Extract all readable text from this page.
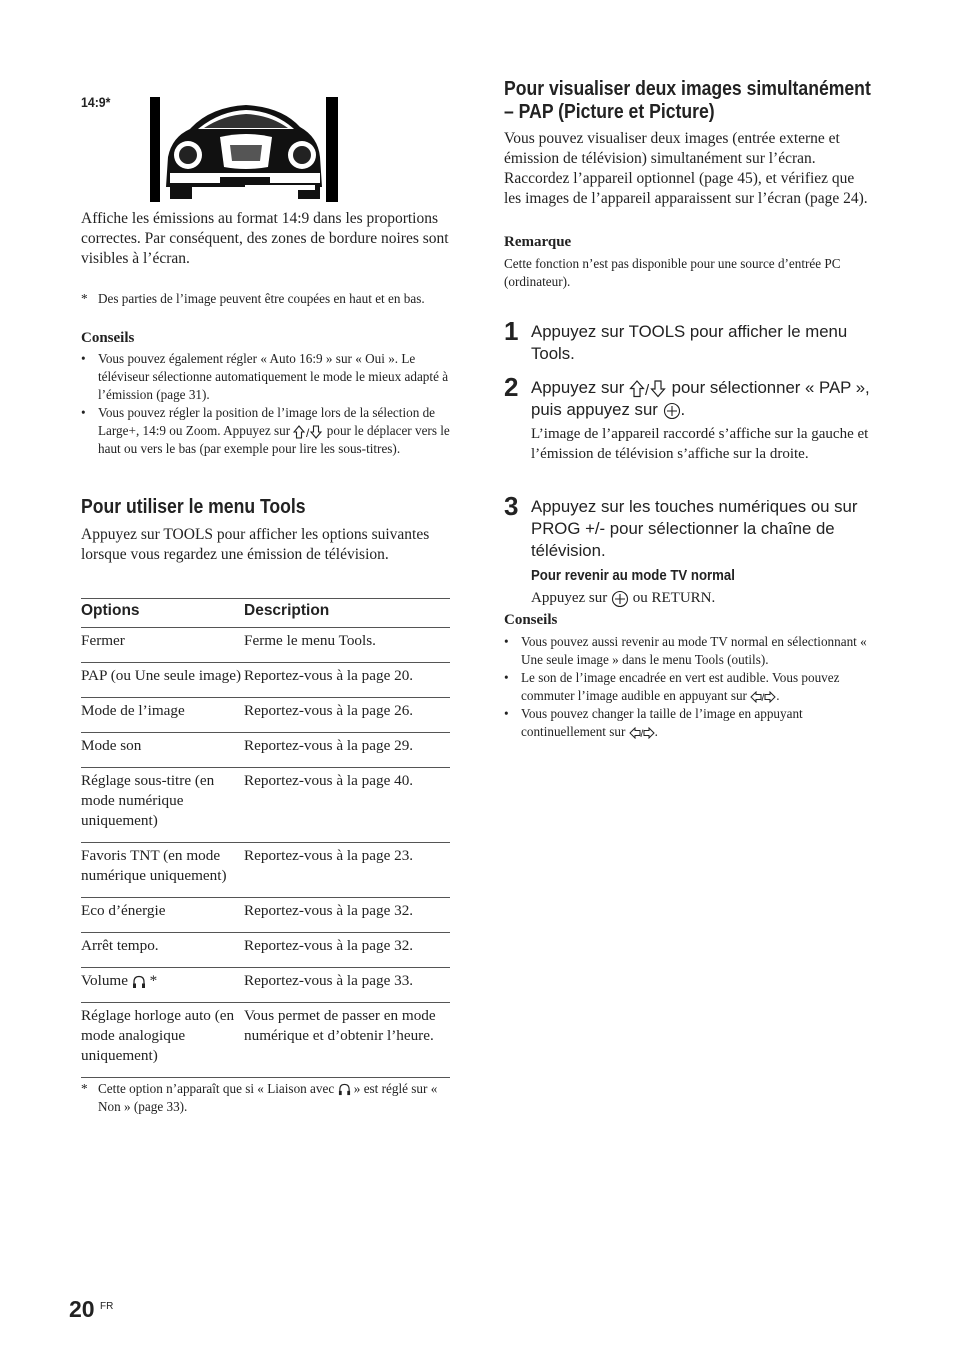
14:9*

Affiche les émissions au format 14:9 dans les proportions correctes. Par conséquent, des zones de bordure noires sont visibles à l’écran.

* Des parties de l’image peuvent être coupées en haut et en bas.

Conseils

• Vous pouvez également régler « Auto 16:9 » sur « Oui ». Le téléviseur sélectionne automatiquement le mode le mieux adapté à l’émission (page 31).
• Vous pouvez régler la position de l’image lors de la sélection de Large+, 14:9 ou Zoom. Appuyez sur / pour le déplacer vers le haut ou vers le bas (par exemple pour lire les sous-titres).
Pour utiliser le menu Tools

Appuyez sur TOOLS pour afficher les options suivantes lorsque vous regardez une émission de télévision.

Options	Description
Fermer	Ferme le menu Tools.
PAP (ou Une seule image)	Reportez-vous à la page 20.
Mode de l’image	Reportez-vous à la page 26.
Mode son	Reportez-vous à la page 29.
Réglage sous-titre (en mode numérique uniquement)	Reportez-vous à la page 40.
Favoris TNT (en mode numérique uniquement)	Reportez-vous à la page 23.
Eco d’énergie	Reportez-vous à la page 32.
Arrêt tempo.	Reportez-vous à la page 32.
Volume *	Reportez-vous à la page 33.
Réglage horloge auto (en mode analogique uniquement)	Vous permet de passer en mode numérique et d’obtenir l’heure.
* Cette option n’apparaît que si « Liaison avec » est réglé sur « Non » (page 33).
Pour visualiser deux images simultanément – PAP (Picture et Picture)

Vous pouvez visualiser deux images (entrée externe et émission de télévision) simultanément sur l’écran. Raccordez l’appareil optionnel (page 45), et vérifiez que les images de l’appareil apparaissent sur l’écran (page 24).

Remarque

Cette fonction n’est pas disponible pour une source d’entrée PC (ordinateur).

1 Appuyez sur TOOLS pour afficher le menu Tools.

2 Appuyez sur / pour sélectionner « PAP », puis appuyez sur .

L’image de l’appareil raccordé s’affiche sur la gauche et l’émission de télévision s’affiche sur la droite.

3 Appuyez sur les touches numériques ou sur PROG +/- pour sélectionner la chaîne de télévision.

Pour revenir au mode TV normal

Appuyez sur ou RETURN.

Conseils

• Vous pouvez aussi revenir au mode TV normal en sélectionnant « Une seule image » dans le menu Tools (outils).
• Le son de l’image encadrée en vert est audible. Vous pouvez commuter l’image audible en appuyant sur / .
• Vous pouvez changer la taille de l’image en appuyant continuellement sur / .
20 FR
